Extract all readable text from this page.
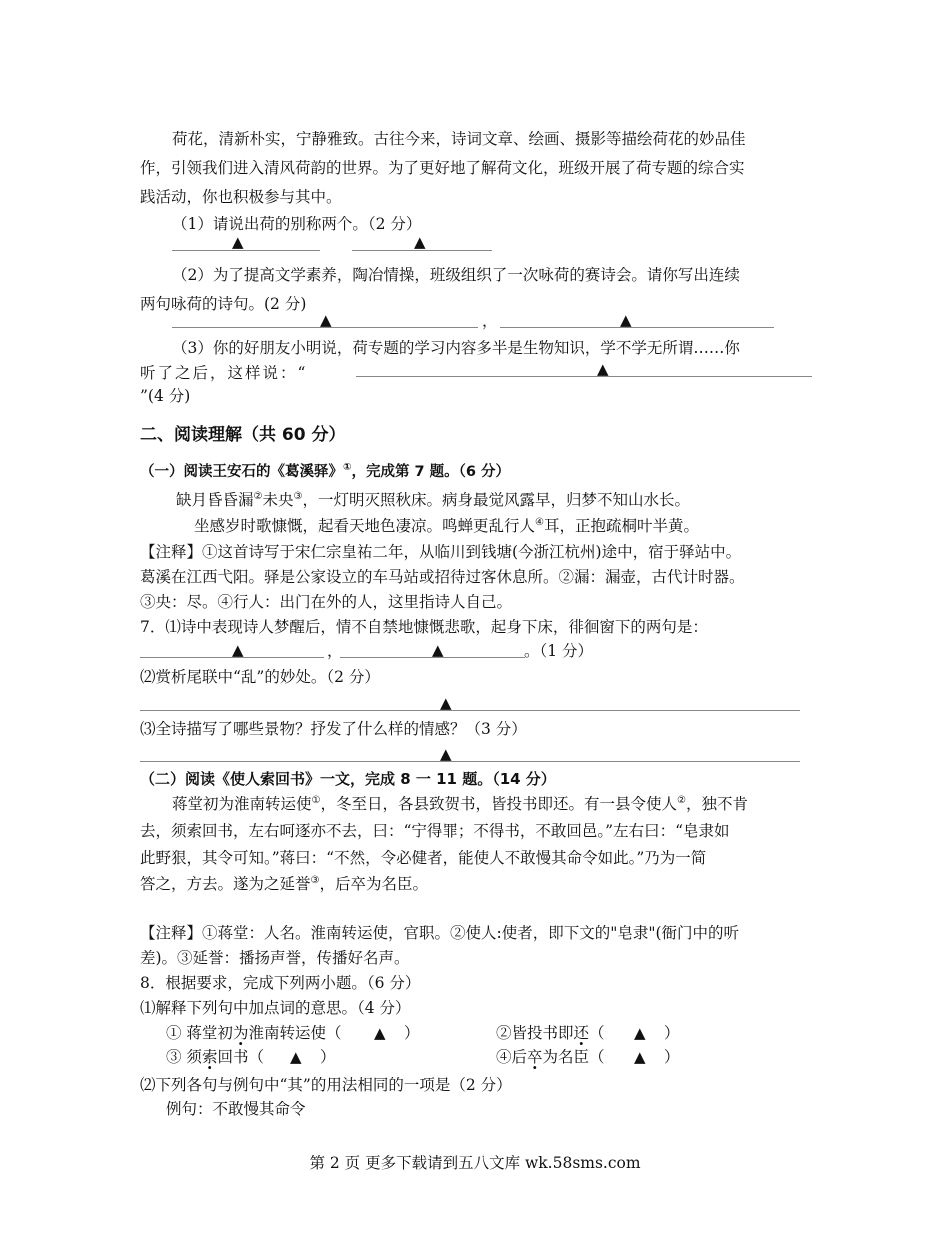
荷花，清新朴实，宁静雅致。古往今来，诗词文章、绘画、摄影等描绘荷花的妙品佳
作，引领我们进入清风荷韵的世界。为了更好地了解荷文化，班级开展了荷专题的综合实
践活动，你也积极参与其中。
（1）请说出荷的别称两个。（2 分）
▲	▲
（2）为了提高文学素养，陶冶情操，班级组织了一次咏荷的赛诗会。请你写出连续
两句咏荷的诗句。(2 分)
▲	，	▲
（3）你的好朋友小明说，荷专题的学习内容多半是生物知识，学不学无所谓……你
听了之后，这样说：“	▲
”(4 分)
二、阅读理解（共 60 分）
（一）阅读王安石的《葛溪驿》①，完成第 7 题。（6 分）
缺月昏昏漏②未央③，一灯明灭照秋床。病身最觉风露早，归梦不知山水长。
坐感岁时歌慷慨，起看天地色凄凉。鸣蝉更乱行人④耳，正抱疏桐叶半黄。
【注释】①这首诗写于宋仁宗皇祐二年，从临川到钱塘(今浙江杭州)途中，宿于驿站中。
葛溪在江西弋阳。驿是公家设立的车马站或招待过客休息所。②漏：漏壶，古代计时器。
③央：尽。④行人：出门在外的人，这里指诗人自己。
7．⑴诗中表现诗人梦醒后，情不自禁地慷慨悲歌，起身下床，徘徊窗下的两句是：
▲	，	▲	。（1 分）
⑵赏析尾联中“乱”的妙处。（2 分）
▲
⑶全诗描写了哪些景物？抒发了什么样的情感？（3 分）
▲
（二）阅读《使人索回书》一文，完成 8 一 11 题。（14 分）
蒋堂初为淮南转运使①，冬至日，各县致贺书，皆投书即还。有一县令使人②，独不肯
去，须索回书，左右呵逐亦不去，曰：“宁得罪；不得书，不敢回邑。”左右曰：“皂隶如
此野狠，其令可知。”蒋曰：“不然，令必健者，能使人不敢慢其命令如此。”乃为一简
答之，方去。遂为之延誉③，后卒为名臣。
【注释】①蒋堂：人名。淮南转运使，官职。②使人:使者，即下文的"皂隶"(衙门中的听
差)。③延誉：播扬声誉，传播好名声。
8．根据要求，完成下列两小题。（6 分）
⑴解释下列句中加点词的意思。（4 分）
① 蒋堂初为淮南转运使（ ▲ ）	②皆投书即还（ ▲ ）
③ 须索回书（ ▲ ）	④后卒为名臣（ ▲ ）
⑵下列各句与例句中“其”的用法相同的一项是（2 分）
例句：不敢慢其命令
第 2 页 更多下载请到五八文库 wk.58sms.com
